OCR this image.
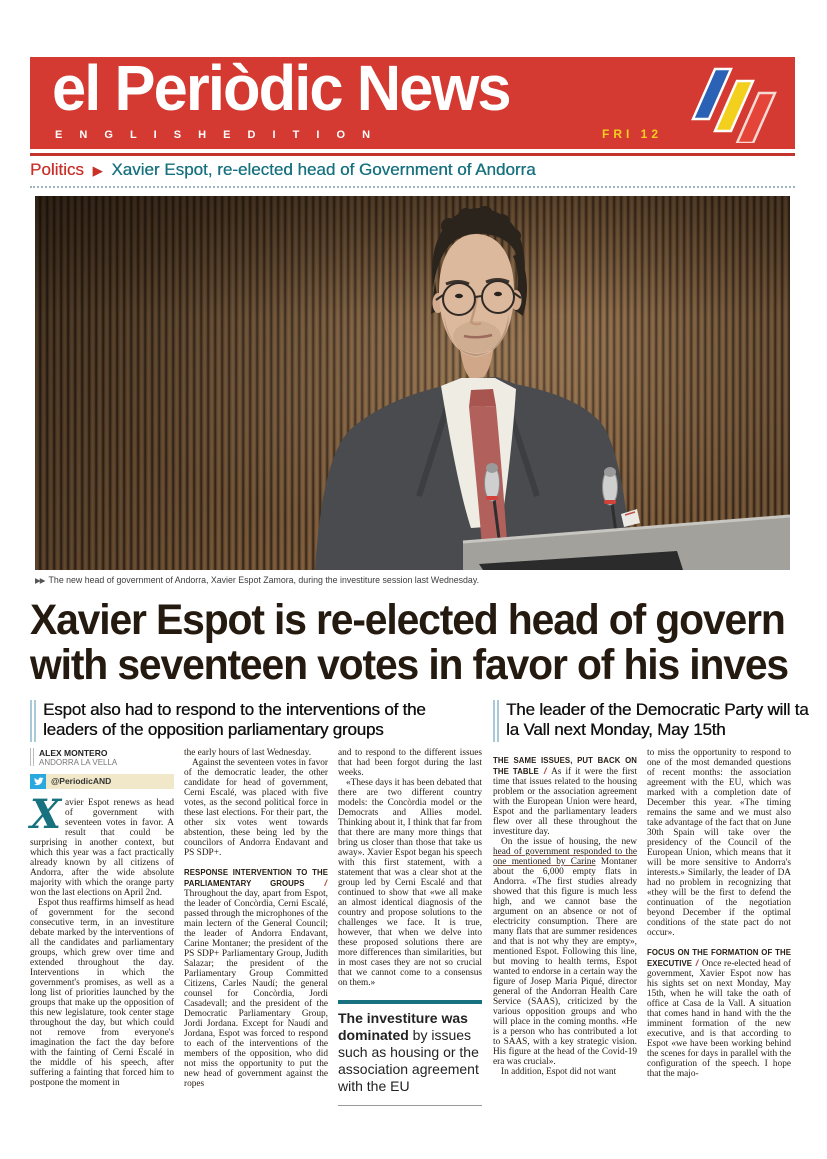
el Periòdic News
E N G L I S H E D I T I O N	FRI 12
Politics ▶ Xavier Espot, re-elected head of Government of Andorra
▶▶ The new head of government of Andorra, Xavier Espot Zamora, during the investiture session last Wednesday.
Xavier Espot is re-elected head of govern
with seventeen votes in favor of his inves
Espot also had to respond to the interventions of the leaders of the opposition parliamentary groups
ALEX MONTERO
ANDORRA LA VELLA
@PeriodicAND

Xavier Espot renews as head of government with seventeen votes in favor. A result that could be surprising in another context, but which this year was a fact practically already known by all citizens of Andorra, after the wide absolute majority with which the orange party won the last elections on April 2nd.

Espot thus reaffirms himself as head of government for the second consecutive term, in an investiture debate marked by the interventions of all the candidates and parliamentary groups, which grew over time and extended throughout the day. Interventions in which the government's promises, as well as a long list of priorities launched by the groups that make up the opposition of this new legislature, took center stage throughout the day, but which could not remove from everyone's imagination the fact the day before with the fainting of Cerni Escalé in the middle of his speech, after suffering a fainting that forced him to postpone the moment in

the early hours of last Wednesday.

Against the seventeen votes in favor of the democratic leader, the other candidate for head of government, Cerni Escalé, was placed with five votes, as the second political force in these last elections. For their part, the other six votes went towards abstention, these being led by the councilors of Andorra Endavant and PS SDP+.

RESPONSE INTERVENTION TO THE PARLIAMENTARY GROUPS / Throughout the day, apart from Espot, the leader of Concòrdia, Cerni Escalé, passed through the microphones of the main lectern of the General Council; the leader of Andorra Endavant, Carine Montaner; the president of the PS SDP+ Parliamentary Group, Judith Salazar; the president of the Parliamentary Group Committed Citizens, Carles Naudí; the general counsel for Concòrdia, Jordi Casadevall; and the president of the Democratic Parliamentary Group, Jordi Jordana. Except for Naudí and Jordana, Espot was forced to respond to each of the interventions of the members of the opposition, who did not miss the opportunity to put the new head of government against the ropes

and to respond to the different issues that had been forgot during the last weeks.

«These days it has been debated that there are two different country models: the Concòrdia model or the Democrats and Allies model. Thinking about it, I think that far from that there are many more things that bring us closer than those that take us away». Xavier Espot began his speech with this first statement, with a statement that was a clear shot at the group led by Cerni Escalé and that continued to show that «we all make an almost identical diagnosis of the country and propose solutions to the challenges we face. It is true, however, that when we delve into these proposed solutions there are more differences than similarities, but in most cases they are not so crucial that we cannot come to a consensus on them.»

The investiture was dominated by issues such as housing or the association agreement with the EU
The leader of the Democratic Party will ta
la Vall next Monday, May 15th

THE SAME ISSUES, PUT BACK ON THE TABLE / As if it were the first time that issues related to the housing problem or the association agreement with the European Union were heard, Espot and the parliamentary leaders flew over all these throughout the investiture day.

On the issue of housing, the new head of government responded to the one mentioned by Carine Montaner about the 6,000 empty flats in Andorra. «The first studies already showed that this figure is much less high, and we cannot base the argument on an absence or not of electricity consumption. There are many flats that are summer residences and that is not why they are empty», mentioned Espot. Following this line, but moving to health terms, Espot wanted to endorse in a certain way the figure of Josep Maria Piqué, director general of the Andorran Health Care Service (SAAS), criticized by the various opposition groups and who will place in the coming months. «He is a person who has contributed a lot to SAAS, with a key strategic vision. His figure at the head of the Covid-19 era was crucial».

In addition, Espot did not want

to miss the opportunity to respond to one of the most demanded questions of recent months: the association agreement with the EU, which was marked with a completion date of December this year. «The timing remains the same and we must also take advantage of the fact that on June 30th Spain will take over the presidency of the Council of the European Union, which means that it will be more sensitive to Andorra's interests.» Similarly, the leader of DA had no problem in recognizing that «they will be the first to defend the continuation of the negotiation beyond December if the optimal conditions of the state pact do not occur».

FOCUS ON THE FORMATION OF THE EXECUTIVE / Once re-elected head of government, Xavier Espot now has his sights set on next Monday, May 15th, when he will take the oath of office at Casa de la Vall. A situation that comes hand in hand with the the imminent formation of the new executive, and is that according to Espot «we have been working behind the scenes for days in parallel with the configuration of the speech. I hope that the majo-
